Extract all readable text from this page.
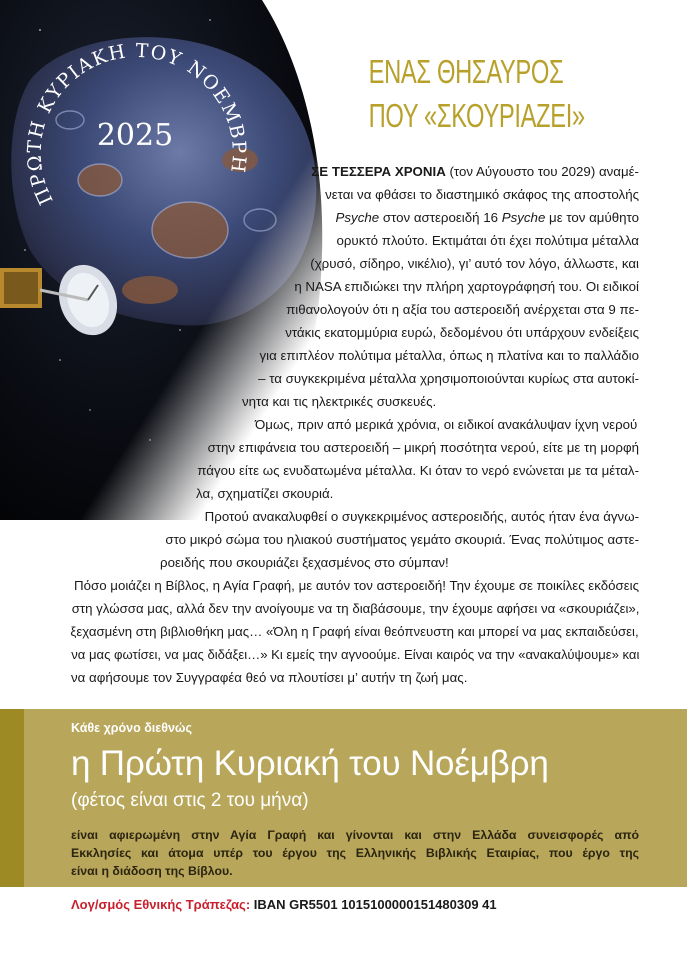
ΕΝΑΣ ΘΗΣΑΥΡΟΣ
ΠΟΥ «ΣΚΟΥΡΙΑΖΕΙ»
ΣΕ ΤΕΣΣΕΡΑ ΧΡΟΝΙΑ (τον Αύγουστο του 2029) αναμέ-
νεται να φθάσει το διαστημικό σκάφος της αποστολής
Psyche στον αστεροειδή 16 Psyche με τον αμύθητο
ορυκτό πλούτο. Εκτιμάται ότι έχει πολύτιμα μέταλλα
(χρυσό, σίδηρο, νικέλιο), γι’ αυτό τον λόγο, άλλωστε, και
η NASA επιδιώκει την πλήρη χαρτογράφησή του. Οι ειδικοί
πιθανολογούν ότι η αξία του αστεροειδή ανέρχεται στα 9 πε-
ντάκις εκατομμύρια ευρώ, δεδομένου ότι υπάρχουν ενδείξεις
για επιπλέον πολύτιμα μέταλλα, όπως η πλατίνα και το παλλάδιο
– τα συγκεκριμένα μέταλλα χρησιμοποιούνται κυρίως στα αυτοκί-
νητα και τις ηλεκτρικές συσκευές.
Όμως, πριν από μερικά χρόνια, οι ειδικοί ανακάλυψαν ίχνη νερού
στην επιφάνεια του αστεροειδή – μικρή ποσότητα νερού, είτε με τη μορφή
πάγου είτε ως ενυδατωμένα μέταλλα. Κι όταν το νερό ενώνεται με τα μέταλ-
λα, σχηματίζει σκουριά.
Προτού ανακαλυφθεί ο συγκεκριμένος αστεροειδής, αυτός ήταν ένα άγνω-
στο μικρό σώμα του ηλιακού συστήματος γεμάτο σκουριά. Ένας πολύτιμος αστε-
ροειδής που σκουριάζει ξεχασμένος στο σύμπαν!
Πόσο μοιάζει η Βίβλος, η Αγία Γραφή, με αυτόν τον αστεροειδή! Την έχουμε σε ποικίλες εκδόσεις
στη γλώσσα μας, αλλά δεν την ανοίγουμε να τη διαβάσουμε, την έχουμε αφήσει να «σκουριάζει»,
ξεχασμένη στη βιβλιοθήκη μας… «Όλη η Γραφή είναι θεόπνευστη και μπορεί να μας εκπαιδεύσει,
να μας φωτίσει, να μας διδάξει…» Κι εμείς την αγνοούμε. Είναι καιρός να την «ανακαλύψουμε» και
να αφήσουμε τον Συγγραφέα θεό να πλουτίσει μ’ αυτήν τη ζωή μας.
Κάθε χρόνο διεθνώς
η Πρώτη Κυριακή του Νοέμβρη
(φέτος είναι στις 2 του μήνα)
είναι αφιερωμένη στην Αγία Γραφή και γίνονται και στην Ελλάδα συνεισφορές από
Εκκλησίες και άτομα υπέρ του έργου της Ελληνικής Βιβλικής Εταιρίας, που έργο της
είναι η διάδοση της Βίβλου.
Λογ/σμός Εθνικής Τράπεζας: IBAN GR5501 1015100000151480309 41
